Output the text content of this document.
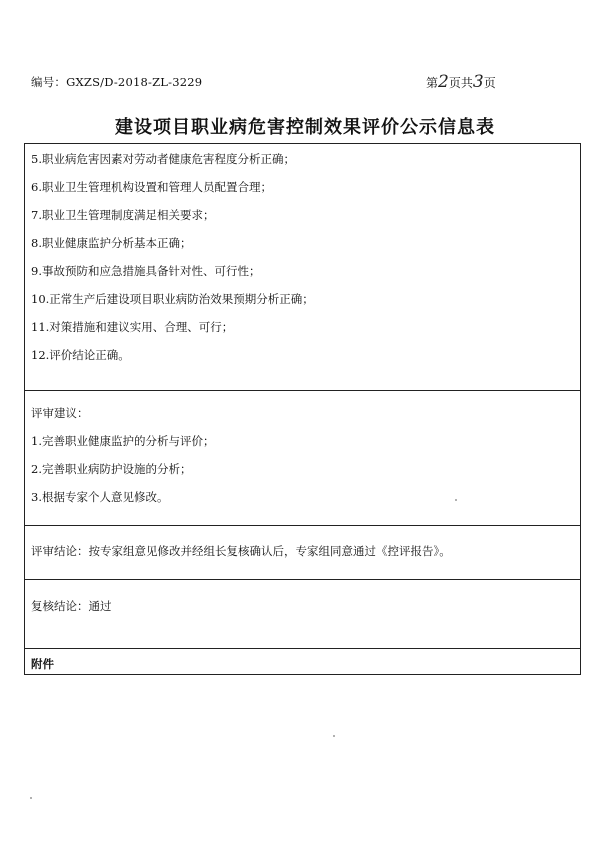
编号：GXZS/D-2018-ZL-3229	第2页共3页
建设项目职业病危害控制效果评价公示信息表
5.职业病危害因素对劳动者健康危害程度分析正确；
6.职业卫生管理机构设置和管理人员配置合理；
7.职业卫生管理制度满足相关要求；
8.职业健康监护分析基本正确；
9.事故预防和应急措施具备针对性、可行性；
10.正常生产后建设项目职业病防治效果预期分析正确；
11.对策措施和建议实用、合理、可行；
12.评价结论正确。
评审建议：
1.完善职业健康监护的分析与评价；
2.完善职业病防护设施的分析；
3.根据专家个人意见修改。
评审结论：按专家组意见修改并经组长复核确认后，专家组同意通过《控评报告》。
复核结论：通过
附件
